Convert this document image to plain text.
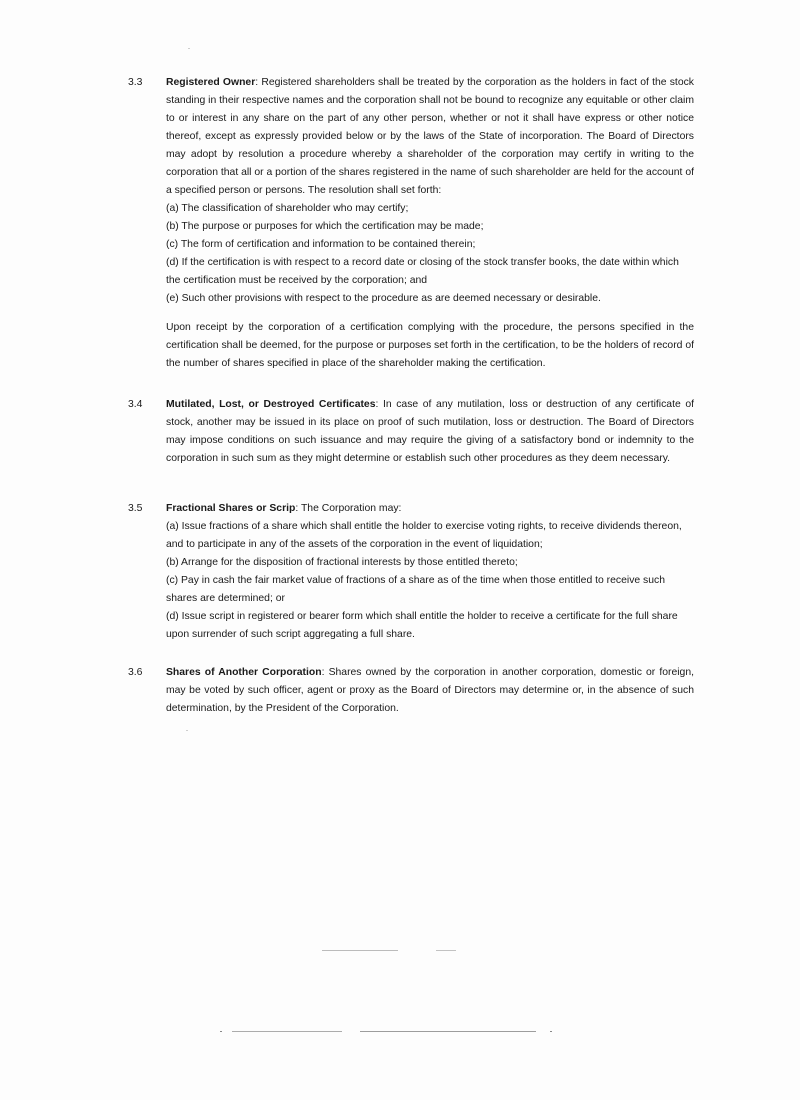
3.3	Registered Owner: Registered shareholders shall be treated by the corporation as the holders in fact of the stock standing in their respective names and the corporation shall not be bound to recognize any equitable or other claim to or interest in any share on the part of any other person, whether or not it shall have express or other notice thereof, except as expressly provided below or by the laws of the State of incorporation. The Board of Directors may adopt by resolution a procedure whereby a shareholder of the corporation may certify in writing to the corporation that all or a portion of the shares registered in the name of such shareholder are held for the account of a specified person or persons. The resolution shall set forth:
(a) The classification of shareholder who may certify;
(b) The purpose or purposes for which the certification may be made;
(c) The form of certification and information to be contained therein;
(d) If the certification is with respect to a record date or closing of the stock transfer books, the date within which the certification must be received by the corporation; and
(e) Such other provisions with respect to the procedure as are deemed necessary or desirable.
Upon receipt by the corporation of a certification complying with the procedure, the persons specified in the certification shall be deemed, for the purpose or purposes set forth in the certification, to be the holders of record of the number of shares specified in place of the shareholder making the certification.
3.4	Mutilated, Lost, or Destroyed Certificates: In case of any mutilation, loss or destruction of any certificate of stock, another may be issued in its place on proof of such mutilation, loss or destruction. The Board of Directors may impose conditions on such issuance and may require the giving of a satisfactory bond or indemnity to the corporation in such sum as they might determine or establish such other procedures as they deem necessary.
3.5	Fractional Shares or Scrip: The Corporation may:
(a) Issue fractions of a share which shall entitle the holder to exercise voting rights, to receive dividends thereon, and to participate in any of the assets of the corporation in the event of liquidation;
(b) Arrange for the disposition of fractional interests by those entitled thereto;
(c) Pay in cash the fair market value of fractions of a share as of the time when those entitled to receive such shares are determined; or
(d) Issue script in registered or bearer form which shall entitle the holder to receive a certificate for the full share upon surrender of such script aggregating a full share.
3.6	Shares of Another Corporation: Shares owned by the corporation in another corporation, domestic or foreign, may be voted by such officer, agent or proxy as the Board of Directors may determine or, in the absence of such determination, by the President of the Corporation.
